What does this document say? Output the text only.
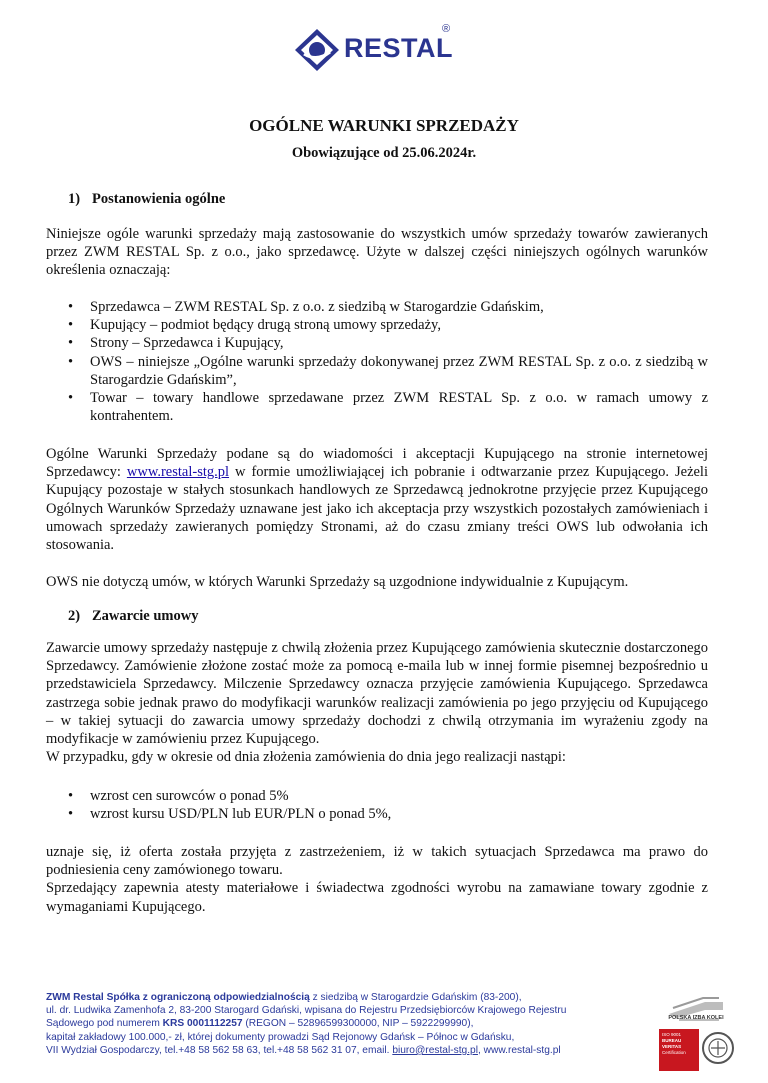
RESTAL
®
OGÓLNE WARUNKI SPRZEDAŻY
Obowiązujące od 25.06.2024r.
1) Postanowienia ogólne

Niniejsze ogóle warunki sprzedaży mają zastosowanie do wszystkich umów sprzedaży towarów zawieranych przez ZWM RESTAL Sp. z o.o., jako sprzedawcę. Użyte w dalszej części niniejszych ogólnych warunków określenia oznaczają:

• Sprzedawca – ZWM RESTAL Sp. z o.o. z siedzibą w Starogardzie Gdańskim,
• Kupujący – podmiot będący drugą stroną umowy sprzedaży,
• Strony – Sprzedawca i Kupujący,
• OWS – niniejsze „Ogólne warunki sprzedaży dokonywanej przez ZWM RESTAL Sp. z o.o. z siedzibą w Starogardzie Gdańskim”,
• Towar – towary handlowe sprzedawane przez ZWM RESTAL Sp. z o.o. w ramach umowy z kontrahentem.

Ogólne Warunki Sprzedaży podane są do wiadomości i akceptacji Kupującego na stronie internetowej Sprzedawcy: www.restal-stg.pl w formie umożliwiającej ich pobranie i odtwarzanie przez Kupującego. Jeżeli Kupujący pozostaje w stałych stosunkach handlowych ze Sprzedawcą jednokrotne przyjęcie przez Kupującego Ogólnych Warunków Sprzedaży uznawane jest jako ich akceptacja przy wszystkich pozostałych zamówieniach i umowach sprzedaży zawieranych pomiędzy Stronami, aż do czasu zmiany treści OWS lub odwołania ich stosowania.

OWS nie dotyczą umów, w których Warunki Sprzedaży są uzgodnione indywidualnie z Kupującym.

2) Zawarcie umowy

Zawarcie umowy sprzedaży następuje z chwilą złożenia przez Kupującego zamówienia skutecznie dostarczonego Sprzedawcy. Zamówienie złożone zostać może za pomocą e-maila lub w innej formie pisemnej bezpośrednio u przedstawiciela Sprzedawcy. Milczenie Sprzedawcy oznacza przyjęcie zamówienia Kupującego. Sprzedawca zastrzega sobie jednak prawo do modyfikacji warunków realizacji zamówienia po jego przyjęciu od Kupującego – w takiej sytuacji do zawarcia umowy sprzedaży dochodzi z chwilą otrzymania im wyrażeniu zgody na modyfikacje w zamówieniu przez Kupującego.

W przypadku, gdy w okresie od dnia złożenia zamówienia do dnia jego realizacji nastąpi:

• wzrost cen surowców o ponad 5%
• wzrost kursu USD/PLN lub EUR/PLN o ponad 5%,

uznaje się, iż oferta została przyjęta z zastrzeżeniem, iż w takich sytuacjach Sprzedawca ma prawo do podniesienia ceny zamówionego towaru.

Sprzedający zapewnia atesty materiałowe i świadectwa zgodności wyrobu na zamawiane towary zgodnie z wymaganiami Kupującego.

ZWM Restal Spółka z ograniczoną odpowiedzialnością z siedzibą w Starogardzie Gdańskim (83-200),
ul. dr. Ludwika Zamenhofa 2, 83-200 Starogard Gdański, wpisana do Rejestru Przedsiębiorców Krajowego Rejestru
Sądowego pod numerem KRS 0001112257 (REGON – 52896599300000, NIP – 5922299990),
kapitał zakładowy 100.000,- zł, której dokumenty prowadzi Sąd Rejonowy Gdańsk – Północ w Gdańsku,
VII Wydział Gospodarczy, tel.+48 58 562 58 63, tel.+48 58 562 31 07, email. biuro@restal-stg.pl, www.restal-stg.pl
POLSKA IZBA KOLEI
ISO 9001
BUREAU VERITAS
Certification
